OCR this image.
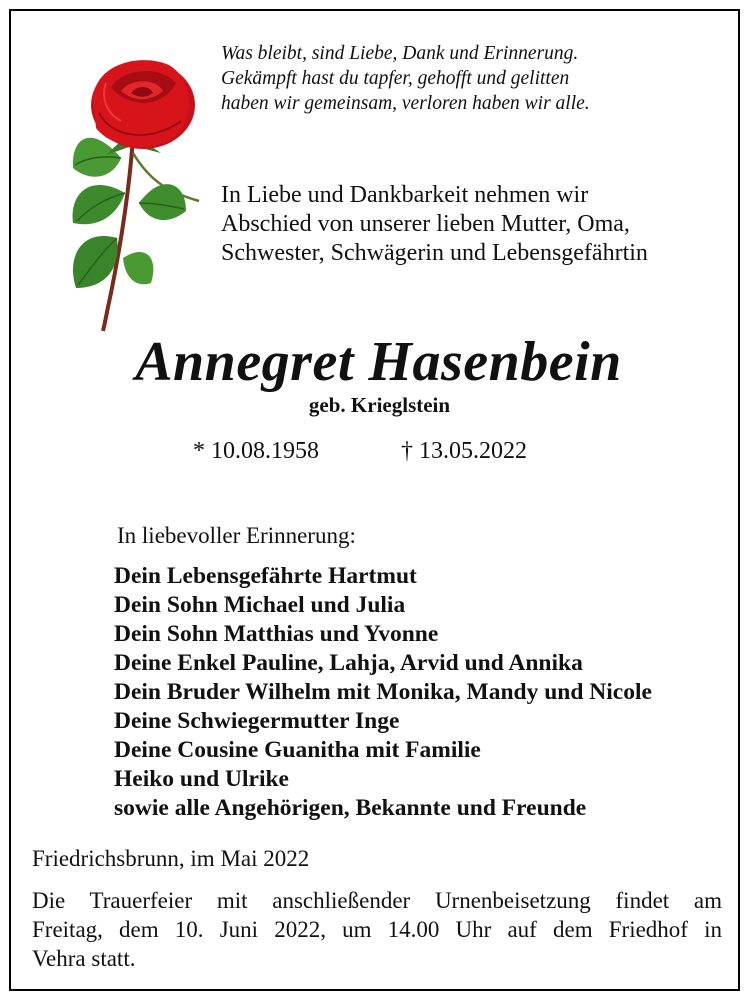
Was bleibt, sind Liebe, Dank und Erinnerung.
Gekämpft hast du tapfer, gehofft und gelitten
haben wir gemeinsam, verloren haben wir alle.
In Liebe und Dankbarkeit nehmen wir
Abschied von unserer lieben Mutter, Oma,
Schwester, Schwägerin und Lebensgefährtin
Annegret Hasenbein
geb. Krieglstein
* 10.08.1958	† 13.05.2022
In liebevoller Erinnerung:
Dein Lebensgefährte Hartmut
Dein Sohn Michael und Julia
Dein Sohn Matthias und Yvonne
Deine Enkel Pauline, Lahja, Arvid und Annika
Dein Bruder Wilhelm mit Monika, Mandy und Nicole
Deine Schwiegermutter Inge
Deine Cousine Guanitha mit Familie
Heiko und Ulrike
sowie alle Angehörigen, Bekannte und Freunde
Friedrichsbrunn, im Mai 2022
Die Trauerfeier mit anschließender Urnenbeisetzung findet am
Freitag, dem 10. Juni 2022, um 14.00 Uhr auf dem Friedhof in
Vehra statt.
